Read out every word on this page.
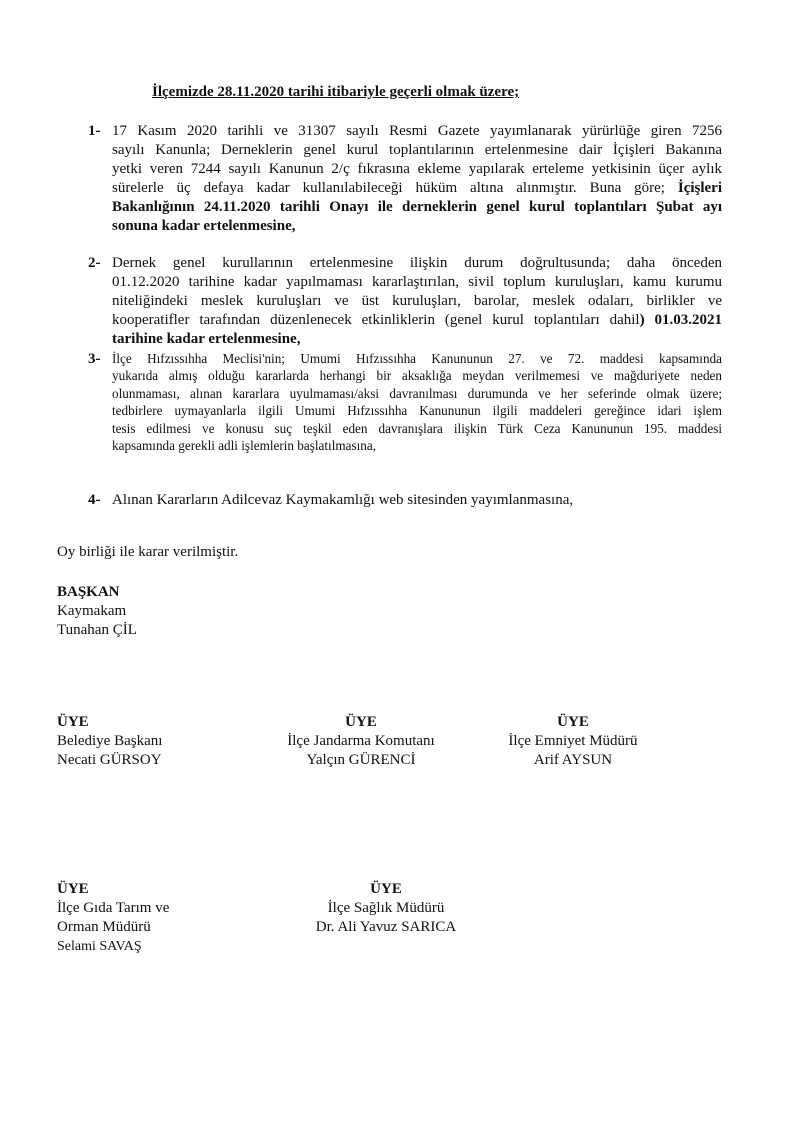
İlçemizde 28.11.2020 tarihi itibariyle geçerli olmak üzere;
1- 17 Kasım 2020 tarihli ve 31307 sayılı Resmi Gazete yayımlanarak yürürlüğe giren 7256
sayılı Kanunla; Derneklerin genel kurul toplantılarının ertelenmesine dair İçişleri Bakanına
yetki veren 7244 sayılı Kanunun 2/ç fıkrasına ekleme yapılarak erteleme yetkisinin üçer aylık
sürelerle üç defaya kadar kullanılabileceği hüküm altına alınmıştır. Buna göre; İçişleri
Bakanlığının 24.11.2020 tarihli Onayı ile derneklerin genel kurul toplantıları Şubat ayı
sonuna kadar ertelenmesine,
2- Dernek genel kurullarının ertelenmesine ilişkin durum doğrultusunda; daha önceden
01.12.2020 tarihine kadar yapılmaması kararlaştırılan, sivil toplum kuruluşları, kamu kurumu
niteliğindeki meslek kuruluşları ve üst kuruluşları, barolar, meslek odaları, birlikler ve
kooperatifler tarafından düzenlenecek etkinliklerin (genel kurul toplantıları dahil) 01.03.2021
tarihine kadar ertelenmesine,
3- İlçe Hıfzıssıhha Meclisi'nin; Umumi Hıfzıssıhha Kanununun 27. ve 72. maddesi kapsamında
yukarıda almış olduğu kararlarda herhangi bir aksaklığa meydan verilmemesi ve mağduriyete neden
olunmaması, alınan kararlara uyulmaması/aksi davranılması durumunda ve her seferinde olmak üzere;
tedbirlere uymayanlarla ilgili Umumi Hıfzıssıhha Kanununun ilgili maddeleri gereğince idari işlem
tesis edilmesi ve konusu suç teşkil eden davranışlara ilişkin Türk Ceza Kanununun 195. maddesi
kapsamında gerekli adli işlemlerin başlatılmasına,
4- Alınan Kararların Adilcevaz Kaymakamlığı web sitesinden yayımlanmasına,
Oy birliği ile karar verilmiştir.
BAŞKAN
Kaymakam
Tunahan ÇİL
ÜYE
Belediye Başkanı
Necati GÜRSOY
ÜYE
İlçe Jandarma Komutanı
Yalçın GÜRENCİ
ÜYE
İlçe Emniyet Müdürü
Arif AYSUN
ÜYE
İlçe Gıda Tarım ve
Orman Müdürü
Selami SAVAŞ
ÜYE
İlçe Sağlık Müdürü
Dr. Ali Yavuz SARICA
